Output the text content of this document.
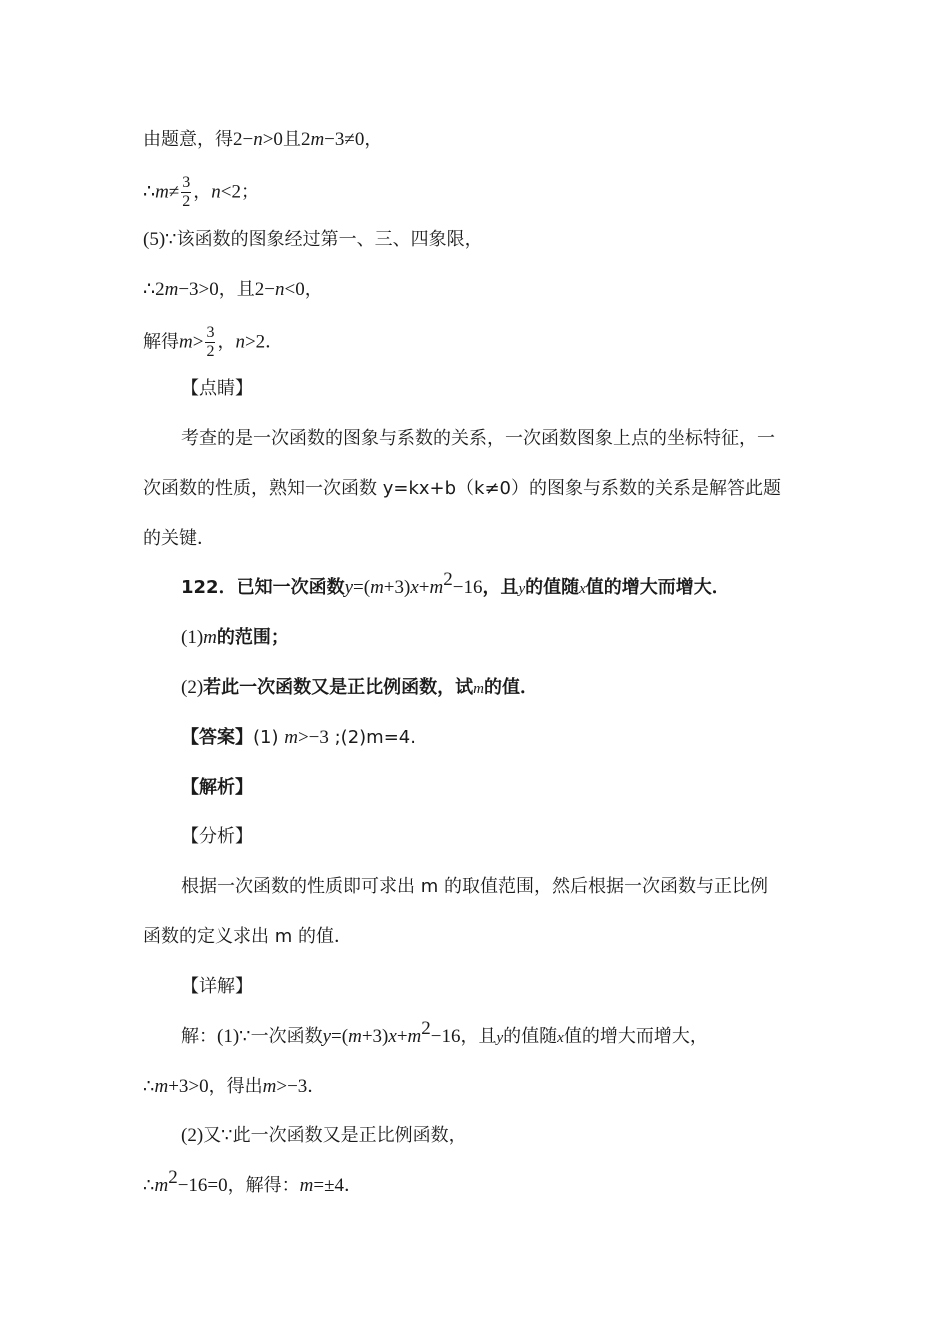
由题意，得2−n>0且2m−3≠0，
∴m≠ $\frac{3}{2}$ ，n<2；
(5)∵该函数的图象经过第一、三、四象限，
∴2m−3>0，且2−n<0，
解得$m> \frac{3}{2}$ ，n>2．
【点睛】
考查的是一次函数的图象与系数的关系，一次函数图象上点的坐标特征，一
次函数的性质，熟知一次函数 y=kx+b（k≠0）的图象与系数的关系是解答此题
的关键．
122．已知一次函数$y=(m+3)x+m^2-16$，且y的值随x值的增大而增大．
(1)m的范围；
(2)若此一次函数又是正比例函数，试m的值．
【答案】(1) m>−3 ;(2)m=4.
【解析】
【分析】
根据一次函数的性质即可求出 m 的取值范围，然后根据一次函数与正比例
函数的定义求出 m 的值．
【详解】
解：(1)∵一次函数$y=(m+3)x+m^2-16$，且y的值随x值的增大而增大，
∴m+3>0，得出m>−3．
(2)又∵此一次函数又是正比例函数，
$\therefore m^2-16=0$，解得：m=±4．
